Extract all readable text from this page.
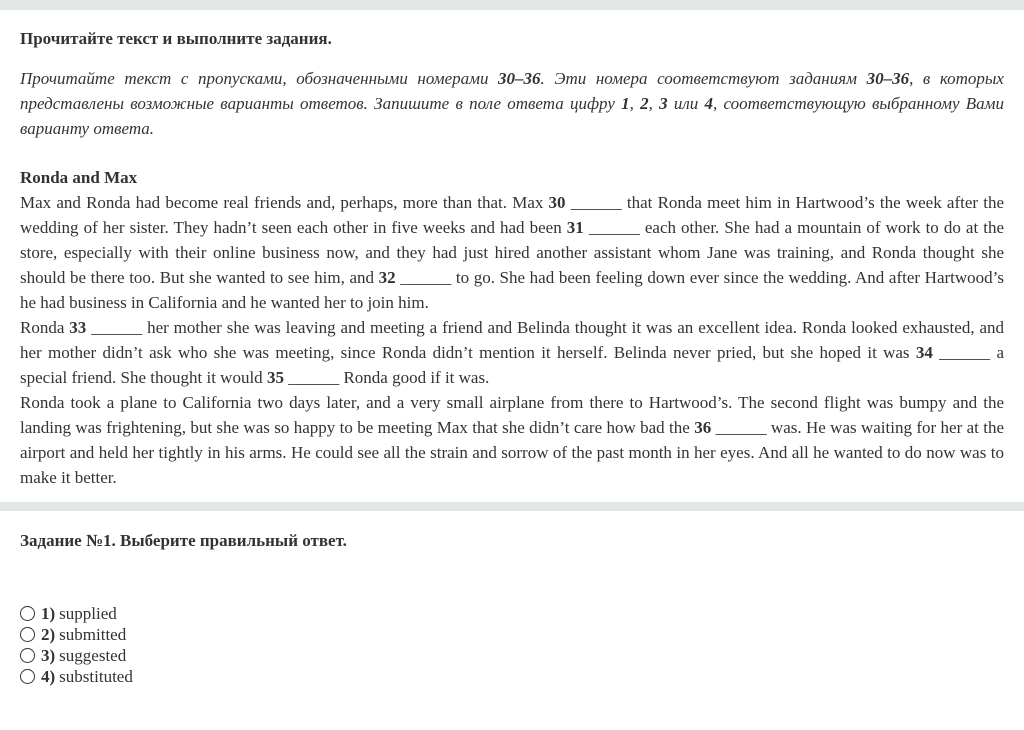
Прочитайте текст и выполните задания.

Прочитайте текст с пропусками, обозначенными номерами 30–36. Эти номера соответствуют заданиям 30–36, в которых представлены возможные варианты ответов. Запишите в поле ответа цифру 1, 2, 3 или 4, соответствующую выбранному Вами варианту ответа.

Ronda and Max

Max and Ronda had become real friends and, perhaps, more than that. Max 30 ______ that Ronda meet him in Hartwood’s the week after the wedding of her sister. They hadn’t seen each other in five weeks and had been 31 ______ each other. She had a mountain of work to do at the store, especially with their online business now, and they had just hired another assistant whom Jane was training, and Ronda thought she should be there too. But she wanted to see him, and 32 ______ to go. She had been feeling down ever since the wedding. And after Hartwood’s he had business in California and he wanted her to join him.

Ronda 33 ______ her mother she was leaving and meeting a friend and Belinda thought it was an excellent idea. Ronda looked exhausted, and her mother didn’t ask who she was meeting, since Ronda didn’t mention it herself. Belinda never pried, but she hoped it was 34 ______ a special friend. She thought it would 35 ______ Ronda good if it was.

Ronda took a plane to California two days later, and a very small airplane from there to Hartwood’s. The second flight was bumpy and the landing was frightening, but she was so happy to be meeting Max that she didn’t care how bad the 36 ______ was. He was waiting for her at the airport and held her tightly in his arms. He could see all the strain and sorrow of the past month in her eyes. And all he wanted to do now was to make it better.

Задание №1. Выберите правильный ответ.

1) supplied
2) submitted
3) suggested
4) substituted
